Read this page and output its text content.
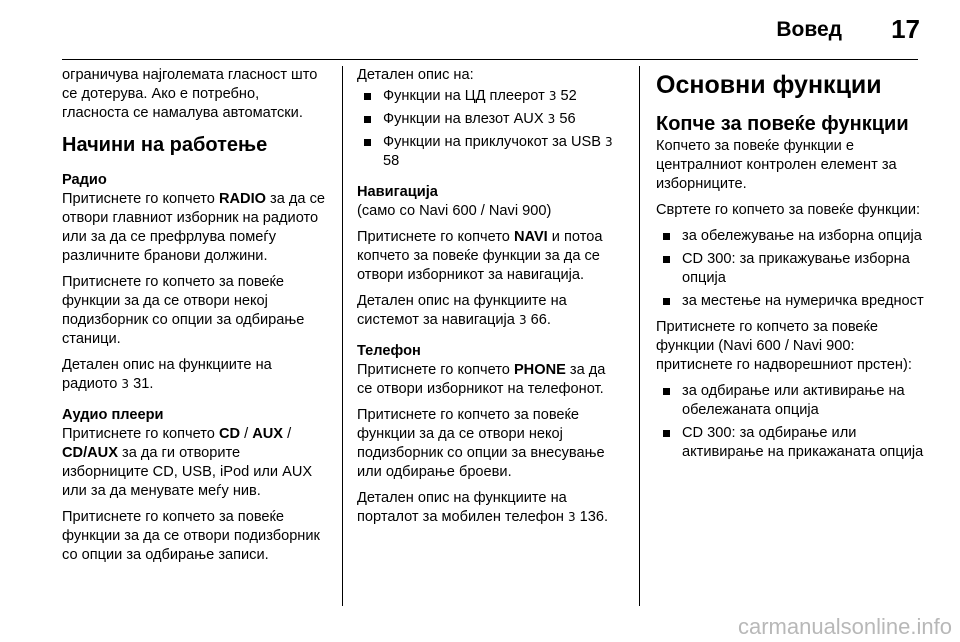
Вовед 17

ограничува најголемата гласност што се дотерува. Ако е потребно, гласноста се намалува автоматски.

Начини на работење
Радио

Притиснете го копчето RADIO за да се отвори главниот изборник на радиото или за да се префрлува помеѓу различните бранови должини.

Притиснете го копчето за повеќе функции за да се отвори некој подизборник со опции за одбирање станици.

Детален опис на функциите на радиото 3 31.

Аудио плеери

Притиснете го копчето CD / AUX / CD/AUX за да ги отворите изборниците CD, USB, iPod или AUX или за да менувате меѓу нив.

Притиснете го копчето за повеќе функции за да се отвори подизборник со опции за одбирање записи.

Детален опис на:

Функции на ЦД плеерот 3 52
Функции на влезот AUX 3 56
Функции на приклучокот за USB 3 58
Навигација

(само со Navi 600 / Navi 900)

Притиснете го копчето NAVI и потоа копчето за повеќе функции за да се отвори изборникот за навигација.

Детален опис на функциите на системот за навигација 3 66.

Телефон

Притиснете го копчето PHONE за да се отвори изборникот на телефонот.

Притиснете го копчето за повеќе функции за да се отвори некој подизборник со опции за внесување или одбирање броеви.

Детален опис на функциите на порталот за мобилен телефон 3 136.

Основни функции
Копче за повеќе функции

Копчето за повеќе функции е централниот контролен елемент за изборниците.

Свртете го копчето за повеќе функции:

за обележување на изборна опција
CD 300: за прикажување изборна опција
за местење на нумеричка вредност

Притиснете го копчето за повеќе функции (Navi 600 / Navi 900: притиснете го надворешниот прстен):

за одбирање или активирање на обележаната опција
CD 300: за одбирање или активирање на прикажаната опција
carmanualsonline.info
